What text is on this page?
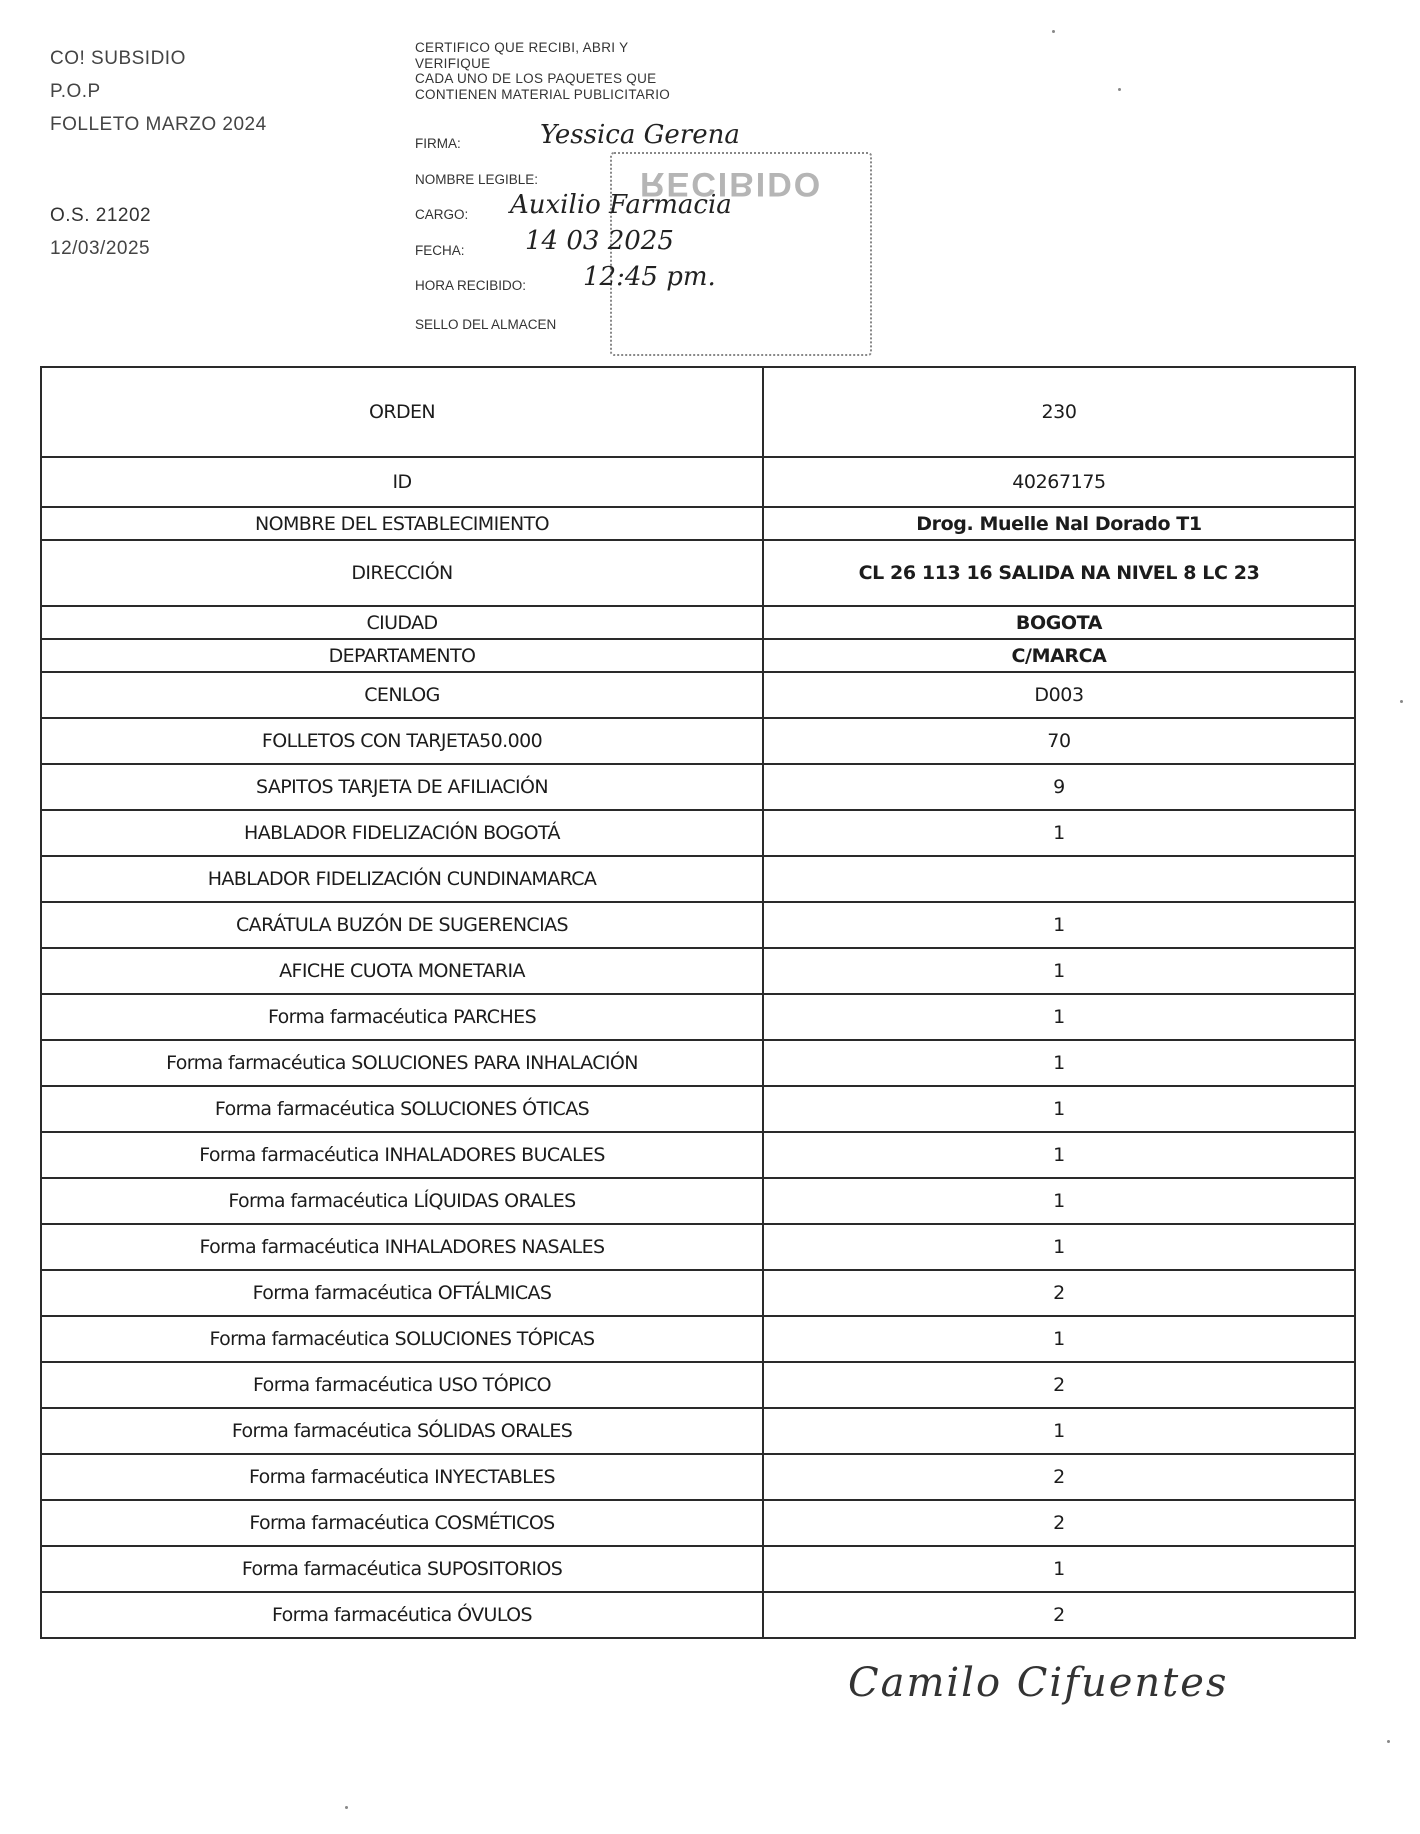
CO! SUBSIDIO
P.O.P
FOLLETO MARZO 2024
O.S. 21202
12/03/2025
RECIBIDO
CERTIFICO QUE RECIBI, ABRI Y
VERIFIQUE
CADA UNO DE LOS PAQUETES QUE
CONTIENEN MATERIAL PUBLICITARIO
FIRMA:	Yessica Gerena
NOMBRE LEGIBLE:
CARGO: Auxilio Farmacia
FECHA: 14 03 2025
HORA RECIBIDO: 12:45 pm.
SELLO DEL ALMACEN
ORDEN	230
ID	40267175
NOMBRE DEL ESTABLECIMIENTO	Drog. Muelle Nal Dorado T1
DIRECCIÓN	CL 26 113 16 SALIDA NA NIVEL 8 LC 23
CIUDAD	BOGOTA
DEPARTAMENTO	C/MARCA
CENLOG	D003
FOLLETOS CON TARJETA50.000	70
SAPITOS TARJETA DE AFILIACIÓN	9
HABLADOR FIDELIZACIÓN BOGOTÁ	1
HABLADOR FIDELIZACIÓN CUNDINAMARCA	
CARÁTULA BUZÓN DE SUGERENCIAS	1
AFICHE CUOTA MONETARIA	1
Forma farmacéutica PARCHES	1
Forma farmacéutica SOLUCIONES PARA INHALACIÓN	1
Forma farmacéutica SOLUCIONES ÓTICAS	1
Forma farmacéutica INHALADORES BUCALES	1
Forma farmacéutica LÍQUIDAS ORALES	1
Forma farmacéutica INHALADORES NASALES	1
Forma farmacéutica OFTÁLMICAS	2
Forma farmacéutica SOLUCIONES TÓPICAS	1
Forma farmacéutica USO TÓPICO	2
Forma farmacéutica SÓLIDAS ORALES	1
Forma farmacéutica INYECTABLES	2
Forma farmacéutica COSMÉTICOS	2
Forma farmacéutica SUPOSITORIOS	1
Forma farmacéutica ÓVULOS	2
Camilo Cifuentes
